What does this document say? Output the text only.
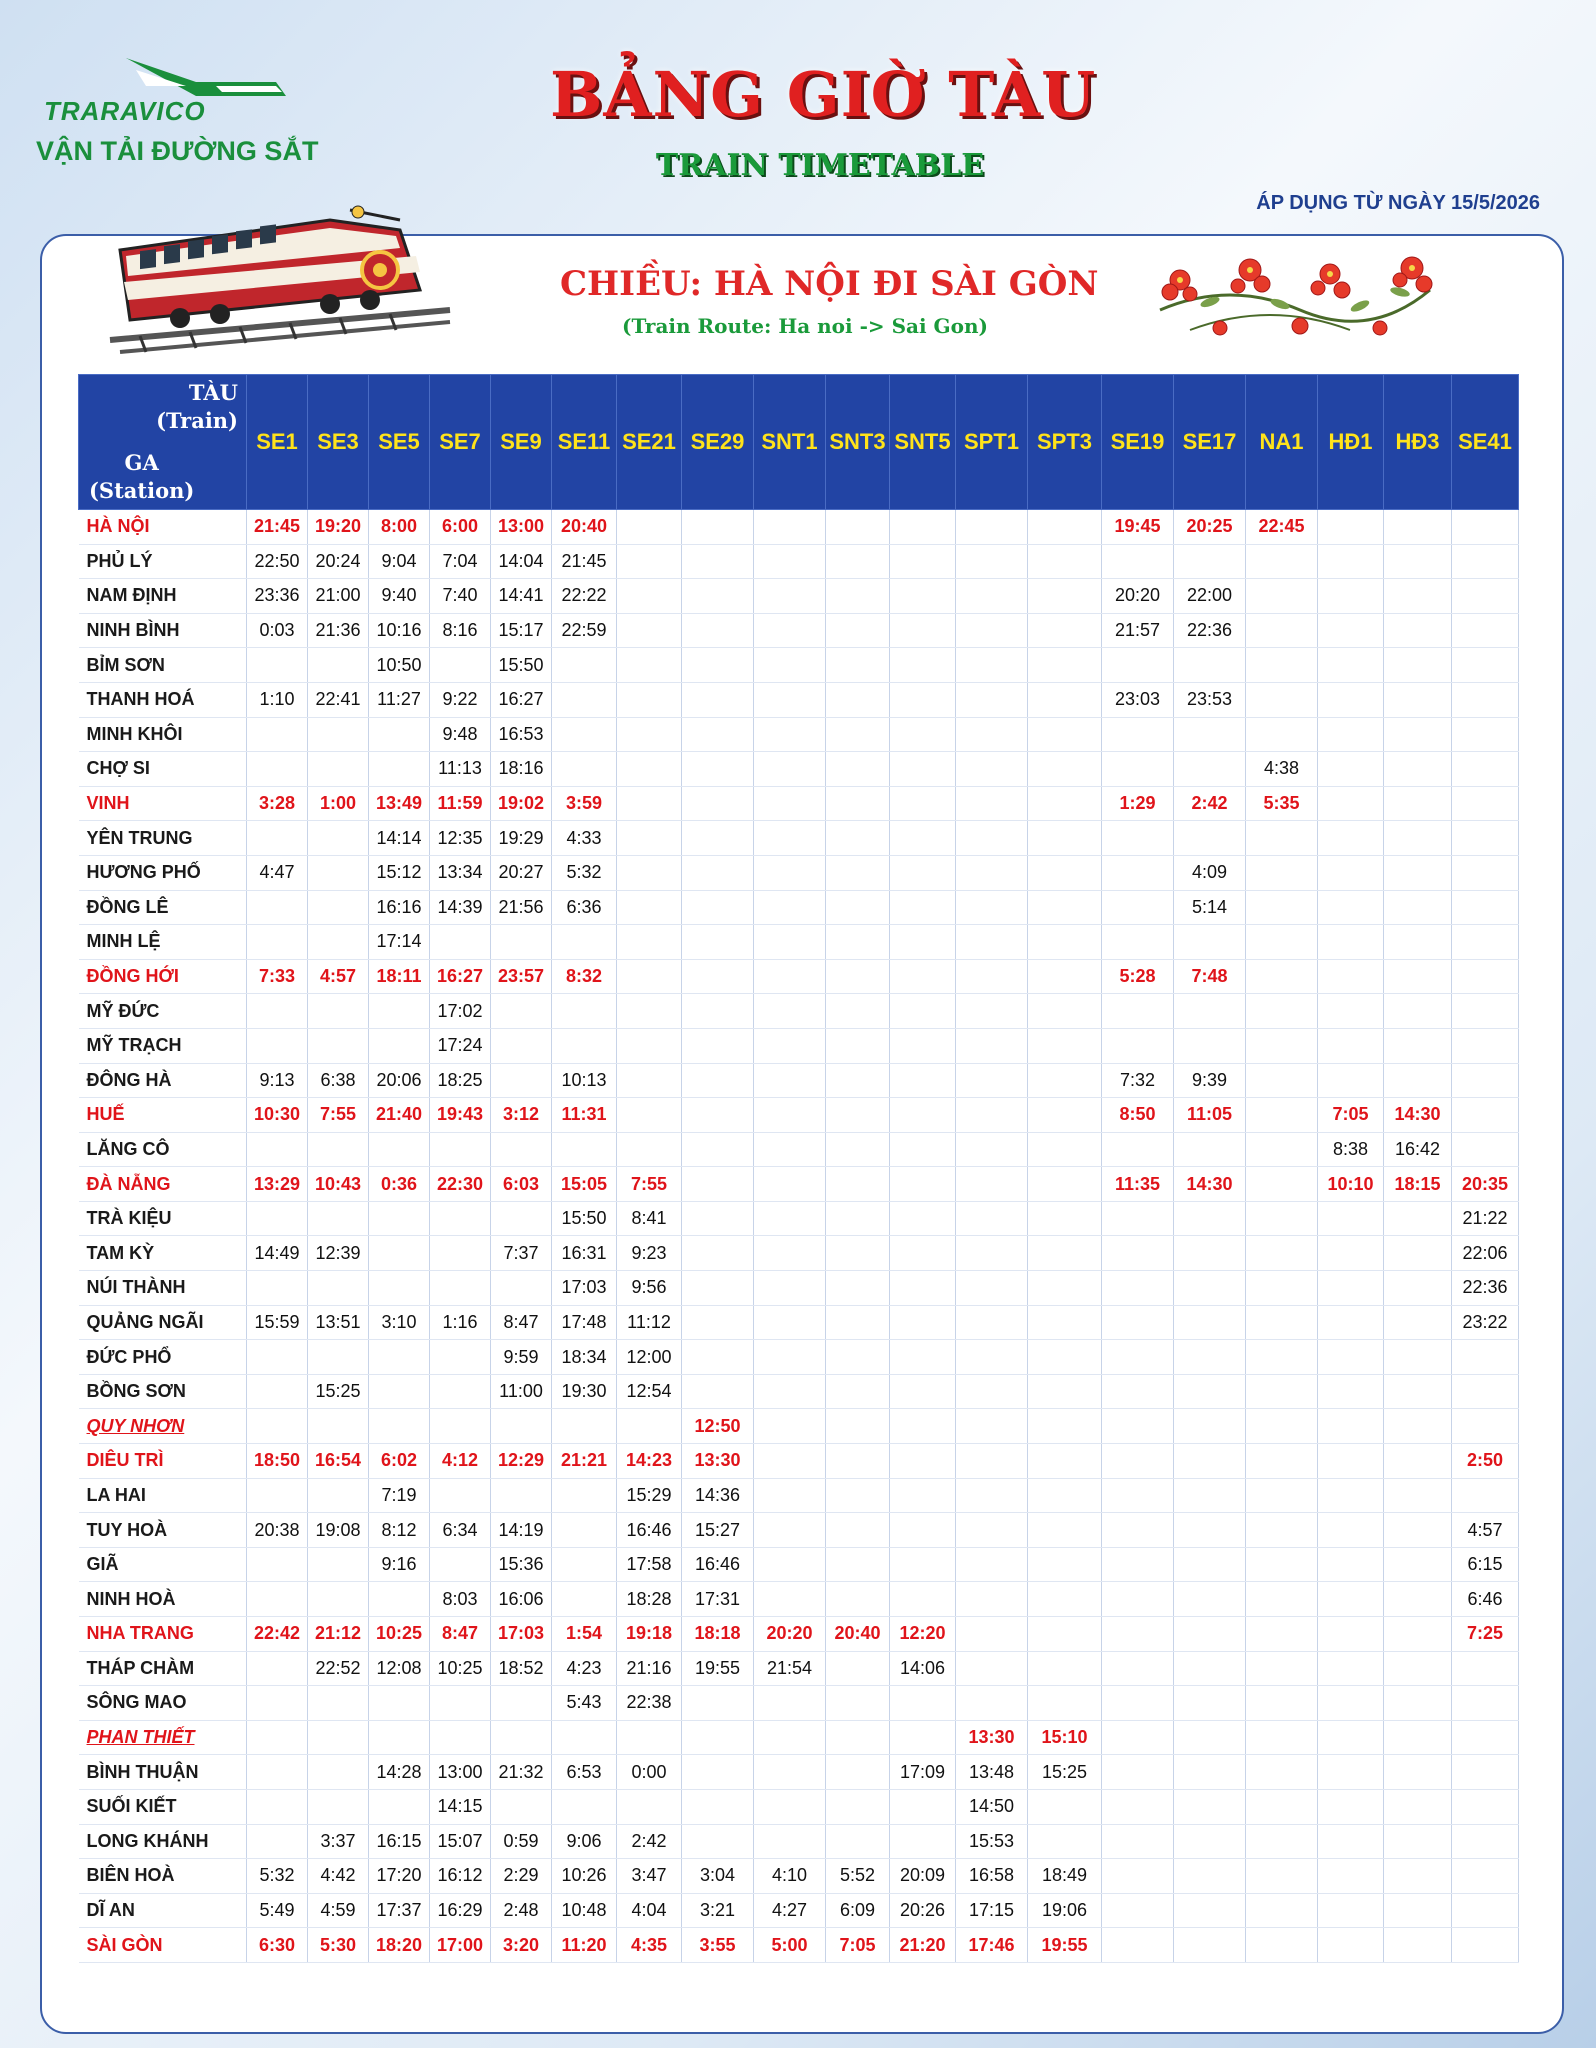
TRARAVICO
VẬN TẢI ĐƯỜNG SẮT
BẢNG GIỜ TÀU
TRAIN TIMETABLE
ÁP DỤNG TỪ NGÀY 15/5/2026
CHIỀU: HÀ NỘI ĐI SÀI GÒN
(Train Route: Ha noi -> Sai Gon)
TÀU
(Train)
GA
(Station)	SE1	SE3	SE5	SE7	SE9	SE11	SE21	SE29	SNT1	SNT3	SNT5	SPT1	SPT3	SE19	SE17	NA1	HĐ1	HĐ3	SE41
HÀ NỘI	21:45	19:20	8:00	6:00	13:00	20:40								19:45	20:25	22:45			
PHỦ LÝ	22:50	20:24	9:04	7:04	14:04	21:45													
NAM ĐỊNH	23:36	21:00	9:40	7:40	14:41	22:22								20:20	22:00				
NINH BÌNH	0:03	21:36	10:16	8:16	15:17	22:59								21:57	22:36				
BỈM SƠN			10:50		15:50														
THANH HOÁ	1:10	22:41	11:27	9:22	16:27									23:03	23:53				
MINH KHÔI				9:48	16:53														
CHỢ SI				11:13	18:16											4:38			
VINH	3:28	1:00	13:49	11:59	19:02	3:59								1:29	2:42	5:35			
YÊN TRUNG			14:14	12:35	19:29	4:33													
HƯƠNG PHỐ	4:47		15:12	13:34	20:27	5:32									4:09				
ĐỒNG LÊ			16:16	14:39	21:56	6:36									5:14				
MINH LỆ			17:14																
ĐỒNG HỚI	7:33	4:57	18:11	16:27	23:57	8:32								5:28	7:48				
MỸ ĐỨC				17:02															
MỸ TRẠCH				17:24															
ĐÔNG HÀ	9:13	6:38	20:06	18:25		10:13								7:32	9:39				
HUẾ	10:30	7:55	21:40	19:43	3:12	11:31								8:50	11:05		7:05	14:30	
LĂNG CÔ																	8:38	16:42	
ĐÀ NẴNG	13:29	10:43	0:36	22:30	6:03	15:05	7:55							11:35	14:30		10:10	18:15	20:35
TRÀ KIỆU						15:50	8:41												21:22
TAM KỲ	14:49	12:39			7:37	16:31	9:23												22:06
NÚI THÀNH						17:03	9:56												22:36
QUẢNG NGÃI	15:59	13:51	3:10	1:16	8:47	17:48	11:12												23:22
ĐỨC PHỔ					9:59	18:34	12:00												
BỒNG SƠN		15:25			11:00	19:30	12:54												
QUY NHƠN								12:50											
DIÊU TRÌ	18:50	16:54	6:02	4:12	12:29	21:21	14:23	13:30											2:50
LA HAI			7:19				15:29	14:36											
TUY HOÀ	20:38	19:08	8:12	6:34	14:19		16:46	15:27											4:57
GIÃ			9:16		15:36		17:58	16:46											6:15
NINH HOÀ				8:03	16:06		18:28	17:31											6:46
NHA TRANG	22:42	21:12	10:25	8:47	17:03	1:54	19:18	18:18	20:20	20:40	12:20								7:25
THÁP CHÀM		22:52	12:08	10:25	18:52	4:23	21:16	19:55	21:54		14:06								
SÔNG MAO						5:43	22:38												
PHAN THIẾT												13:30	15:10						
BÌNH THUẬN			14:28	13:00	21:32	6:53	0:00				17:09	13:48	15:25						
SUỐI KIẾT				14:15								14:50							
LONG KHÁNH		3:37	16:15	15:07	0:59	9:06	2:42					15:53							
BIÊN HOÀ	5:32	4:42	17:20	16:12	2:29	10:26	3:47	3:04	4:10	5:52	20:09	16:58	18:49						
DĨ AN	5:49	4:59	17:37	16:29	2:48	10:48	4:04	3:21	4:27	6:09	20:26	17:15	19:06						
SÀI GÒN	6:30	5:30	18:20	17:00	3:20	11:20	4:35	3:55	5:00	7:05	21:20	17:46	19:55						
